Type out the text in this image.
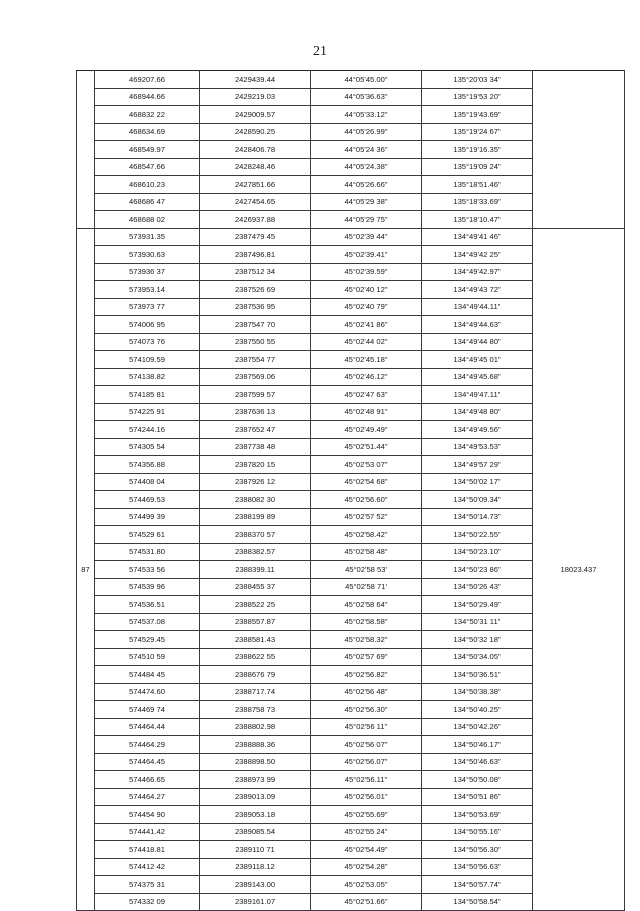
21
	469207.66	2429439.44	44°05'45.00"	135°20'03 34"	
	468944.66	2429219.03	44°05'36.63"	135°19'53 20"	
	468832 22	2429009.57	44°05'33.12"	135°19'43.69"	
	468634.69	2428590.25	44°05'26.99"	135°19'24 67"	
	468549.97	2428406.78	44°05'24 36"	135°19'16.35"	
	468547.66	2428248.46	44°05'24.38"	135°19'09 24"	
	468610.23	2427851.66	44°05'26.66"	135°18'51.46"	
	468686 47	2427454.65	44°05'29 38"	135°18'33.69"	
	468688 02	2426937.88	44°05'29 75"	135°18'10.47"	
87	573931.35	2387479 45	45°02'39 44"	134°49'41 46"	18023.437
	573930.63	2387496.81	45°02'39.41"	134°49'42 25"	
	573936 37	2387512 34	45°02'39.59"	134°49'42.97"	
	573953.14	2387526 69	45°02'40 12"	134°49'43 72"	
	573973 77	2387536 95	45°02'40 79"	134°49'44.11"	
	574006 95	2387547 70	45°02'41 86"	134°49'44.63"	
	574073 76	2387550 55	45°02'44 02"	134°49'44 80"	
	574109.59	2387554 77	45°02'45.18"	134°49'45 01"	
	574138.82	2387569.06	45°02'46.12"	134°49'45.68"	
	574185 81	2387599 57	45°02'47 63"	134°49'47.11"	
	574225 91	2387636 13	45°02'48 91"	134°49'48 80"	
	574244.16	2387652 47	45°02'49.49"	134°49'49.56"	
	574305 54	2387738 48	45°02'51.44"	134°49'53.53"	
	574356.88	2387820 15	45°02'53 07"	134°49'57 29"	
	574408 04	2387926 12	45°02'54 68"	134°50'02 17"	
	574469.53	2388082 30	45°02'56.60"	134°50'09.34"	
	574499 39	2388199 89	45°02'57 52"	134°50'14.73"	
	574529 61	2388370 57	45°02'58.42"	134°50'22.55"	
	574531.80	2388382.57	45°02'58 48"	134°50'23.10"	
	574533 56	2388399.11	45°02'58 53'	134°50'23 86"	
	574539 96	2388455 37	45°02'58 71'	134°50'26 43"	
	574536.51	2388522 25	45°02'58 64"	134°50'29.49"	
	574537.08	2388557.87	45°02'58.58"	134°50'31 11"	
	574529.45	2388581.43	45°02'58.32"	134°50'32 18"	
	574510 59	2388622 55	45°02'57 69"	134°50'34.05"	
	574484 45	2388676 79	45°02'56.82"	134°50'36.51"	
	574474.60	2388717.74	45°02'56 48"	134°50'38.38"	
	574469 74	2388758 73	45°02'56.30"	134°50'40.25"	
	574464.44	2388802.98	45°02'56 11"	134°50'42.26"	
	574464.29	2388888.36	45°02'56 07"	134°50'46.17"	
	574464.45	2388898.50	45°02'56.07"	134°50'46.63"	
	574466.65	2388973 99	45°02'56.11"	134°50'50.08"	
	574464.27	2389013.09	45°02'56.01"	134°50'51 86"	
	574454 90	2389053.18	45°02'55.69"	134°50'53.69"	
	574441.42	2389085.54	45°02'55 24"	134°50'55.16"	
	574418.81	2389110 71	45°02'54.49"	134°50'56.30"	
	574412 42	2389118.12	45°02'54.28"	134°50'56.63"	
	574375 31	2389143.00	45°02'53.05"	134°50'57.74"	
	574332 09	2389161.07	45°02'51.66"	134°50'58.54"	
